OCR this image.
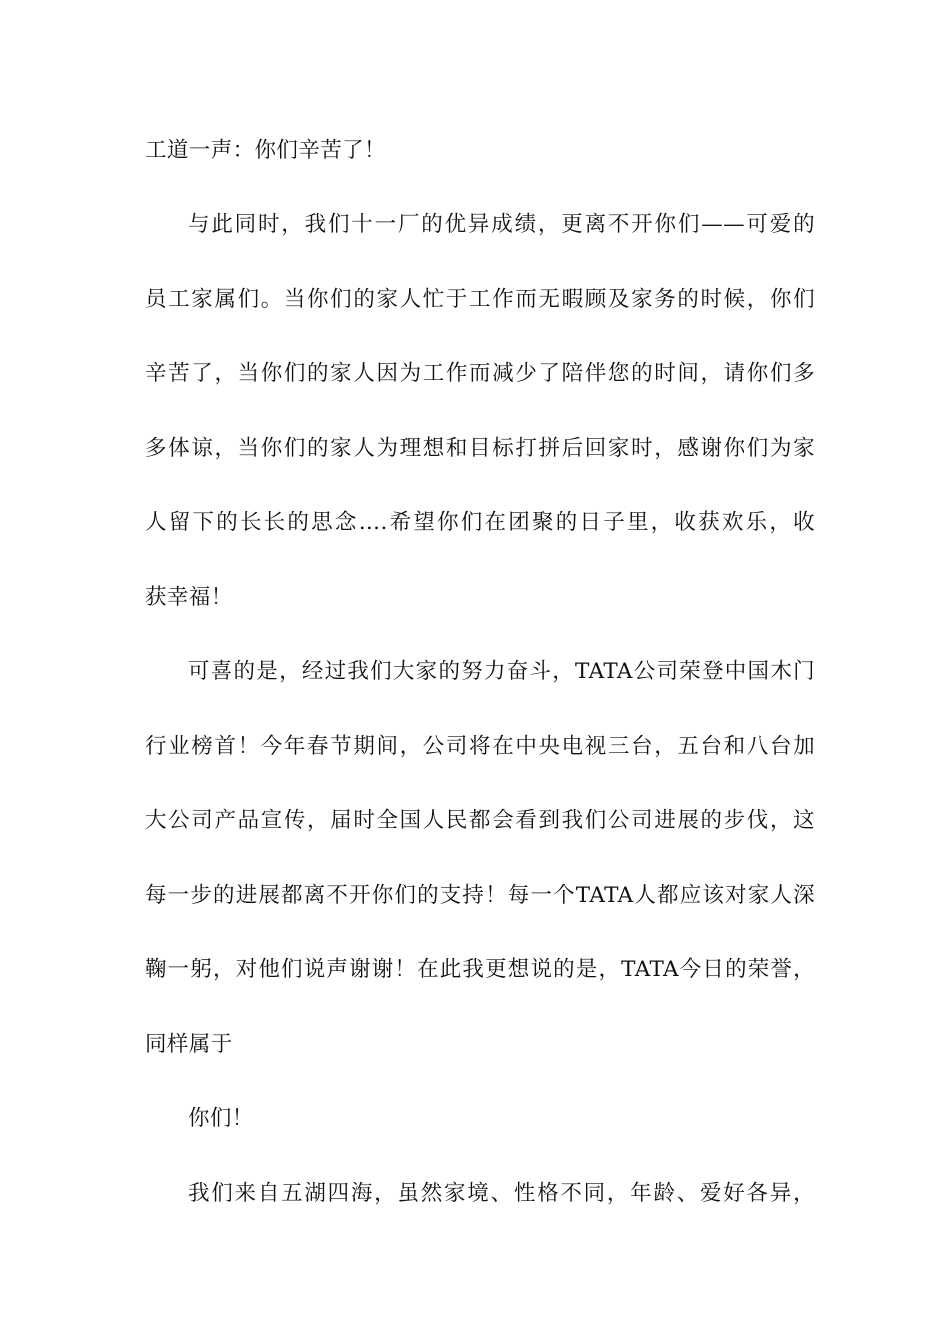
工道一声：你们辛苦了！
与此同时，我们十一厂的优异成绩，更离不开你们——可爱的
员工家属们。当你们的家人忙于工作而无暇顾及家务的时候，你们
辛苦了，当你们的家人因为工作而减少了陪伴您的时间，请你们多
多体谅，当你们的家人为理想和目标打拼后回家时，感谢你们为家
人留下的长长的思念….希望你们在团聚的日子里，收获欢乐，收
获幸福！
可喜的是，经过我们大家的努力奋斗，TATA公司荣登中国木门
行业榜首！今年春节期间，公司将在中央电视三台，五台和八台加
大公司产品宣传，届时全国人民都会看到我们公司进展的步伐，这
每一步的进展都离不开你们的支持！每一个TATA人都应该对家人深
鞠一躬，对他们说声谢谢！在此我更想说的是，TATA今日的荣誉，
同样属于
你们！
我们来自五湖四海，虽然家境、性格不同，年龄、爱好各异，
